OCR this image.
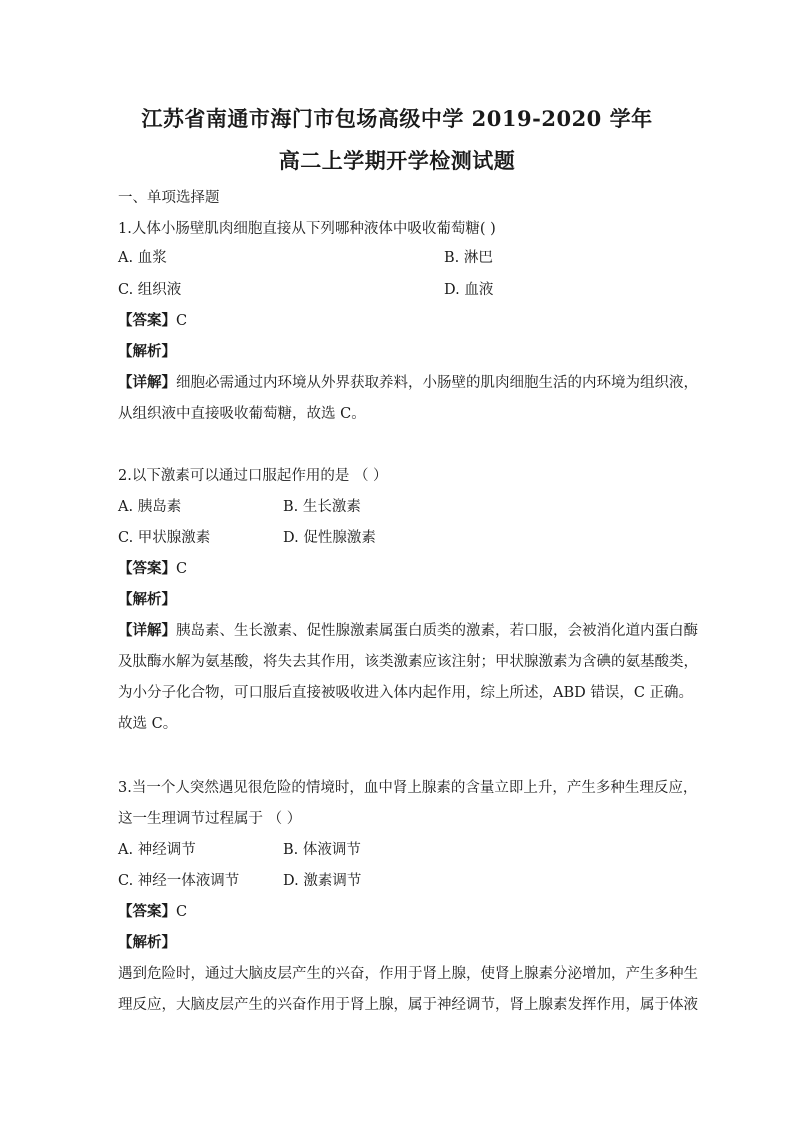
江苏省南通市海门市包场高级中学 2019-2020 学年
高二上学期开学检测试题
一、单项选择题
1.人体小肠壁肌肉细胞直接从下列哪种液体中吸收葡萄糖( )
A. 血浆	B. 淋巴
C. 组织液	D. 血液
【答案】C
【解析】
【详解】细胞必需通过内环境从外界获取养料，小肠壁的肌肉细胞生活的内环境为组织液，
从组织液中直接吸收葡萄糖，故选 C。
2.以下激素可以通过口服起作用的是 （ ）
A. 胰岛素	B. 生长激素
C. 甲状腺激素	D. 促性腺激素
【答案】C
【解析】
【详解】胰岛素、生长激素、促性腺激素属蛋白质类的激素，若口服，会被消化道内蛋白酶
及肽酶水解为氨基酸，将失去其作用，该类激素应该注射；甲状腺激素为含碘的氨基酸类，
为小分子化合物，可口服后直接被吸收进入体内起作用，综上所述，ABD 错误，C 正确。
故选 C。
3.当一个人突然遇见很危险的情境时，血中肾上腺素的含量立即上升，产生多种生理反应，
这一生理调节过程属于 （ ）
A. 神经调节	B. 体液调节
C. 神经一体液调节	D. 激素调节
【答案】C
【解析】
遇到危险时，通过大脑皮层产生的兴奋，作用于肾上腺，使肾上腺素分泌增加，产生多种生
理反应，大脑皮层产生的兴奋作用于肾上腺，属于神经调节，肾上腺素发挥作用，属于体液
